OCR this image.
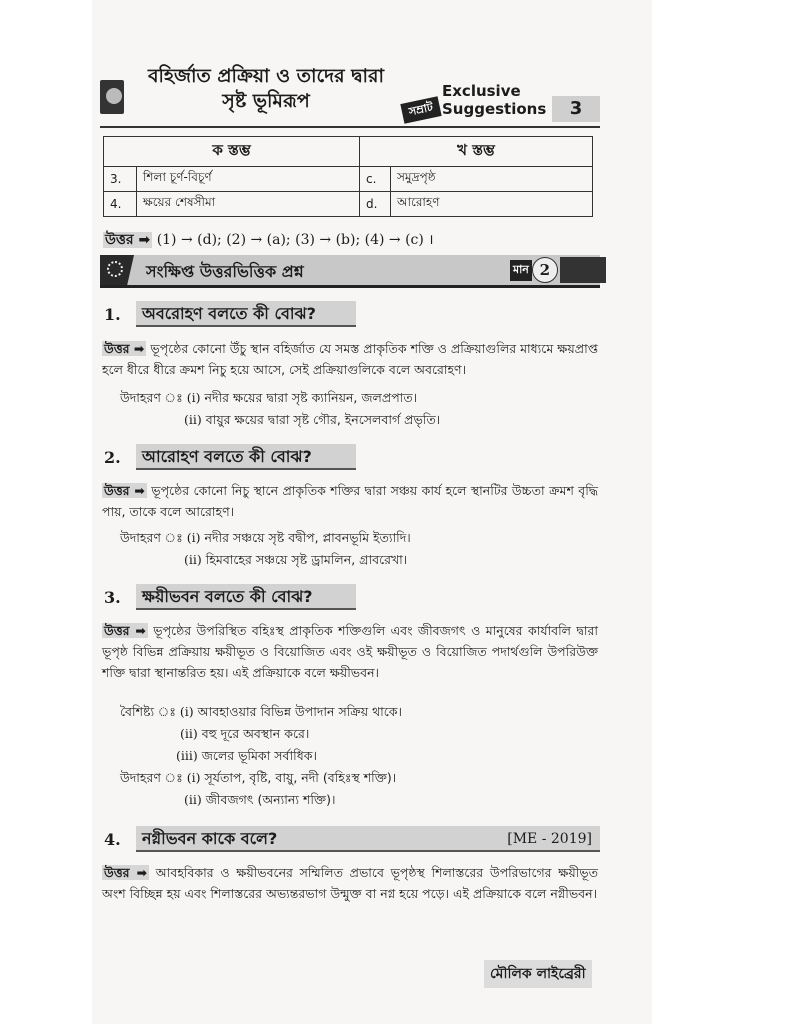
বহির্জাত প্রক্রিয়া ও তাদের দ্বারা
সৃষ্ট ভূমিরূপ	সম্রাট
Exclusive
Suggestions	3
ক স্তম্ভ		খ স্তম্ভ	
3.	শিলা চূর্ণ-বিচূর্ণ	c.	সমুদ্রপৃষ্ঠ
4.	ক্ষয়ের শেষসীমা	d.	আরোহণ
উত্তর ➡ (1) → (d); (2) → (a); (3) → (b); (4) → (c) ।
সংক্ষিপ্ত উত্তরভিত্তিক প্রশ্ন	মান 2
1.	অবরোহণ বলতে কী বোঝ?
উত্তর ➡ ভূপৃষ্ঠের কোনো উঁচু স্থান বহির্জাত যে সমস্ত প্রাকৃতিক শক্তি ও প্রক্রিয়াগুলির মাধ্যমে ক্ষয়প্রাপ্ত হলে ধীরে ধীরে ক্রমশ নিচু হয়ে আসে, সেই প্রক্রিয়াগুলিকে বলে অবরোহণ।
উদাহরণ ঃ (i) নদীর ক্ষয়ের দ্বারা সৃষ্ট ক্যানিয়ন, জলপ্রপাত।
(ii) বায়ুর ক্ষয়ের দ্বারা সৃষ্ট গৌর, ইনসেলবার্গ প্রভৃতি।
2.	আরোহণ বলতে কী বোঝ?
উত্তর ➡ ভূপৃষ্ঠের কোনো নিচু স্থানে প্রাকৃতিক শক্তির দ্বারা সঞ্চয় কার্য হলে স্থানটির উচ্চতা ক্রমশ বৃদ্ধি পায়, তাকে বলে আরোহণ।
উদাহরণ ঃ (i) নদীর সঞ্চয়ে সৃষ্ট বদ্বীপ, প্লাবনভূমি ইত্যাদি।
(ii) হিমবাহের সঞ্চয়ে সৃষ্ট ড্রামলিন, গ্রাবরেখা।
3.	ক্ষয়ীভবন বলতে কী বোঝ?
উত্তর ➡ ভূপৃষ্ঠের উপরিস্থিত বহিঃস্থ প্রাকৃতিক শক্তিগুলি এবং জীবজগৎ ও মানুষের কার্যাবলি দ্বারা ভূপৃষ্ঠ বিভিন্ন প্রক্রিয়ায় ক্ষয়ীভূত ও বিয়োজিত এবং ওই ক্ষয়ীভূত ও বিয়োজিত পদার্থগুলি উপরিউক্ত শক্তি দ্বারা স্থানান্তরিত হয়। এই প্রক্রিয়াকে বলে ক্ষয়ীভবন।
বৈশিষ্ট্য ঃ (i) আবহাওয়ার বিভিন্ন উপাদান সক্রিয় থাকে।
(ii) বহু দূরে অবস্থান করে।
(iii) জলের ভূমিকা সর্বাধিক।
উদাহরণ ঃ (i) সূর্যতাপ, বৃষ্টি, বায়ু, নদী (বহিঃস্থ শক্তি)।
(ii) জীবজগৎ (অন্যান্য শক্তি)।
4.	নগ্নীভবন কাকে বলে?	[ME - 2019]
উত্তর ➡ আবহবিকার ও ক্ষয়ীভবনের সম্মিলিত প্রভাবে ভূপৃষ্ঠস্থ শিলাস্তরের উপরিভাগের ক্ষয়ীভূত অংশ বিচ্ছিন্ন হয় এবং শিলাস্তরের অভ্যন্তরভাগ উন্মুক্ত বা নগ্ন হয়ে পড়ে। এই প্রক্রিয়াকে বলে নগ্নীভবন।
মৌলিক লাইব্রেরী
